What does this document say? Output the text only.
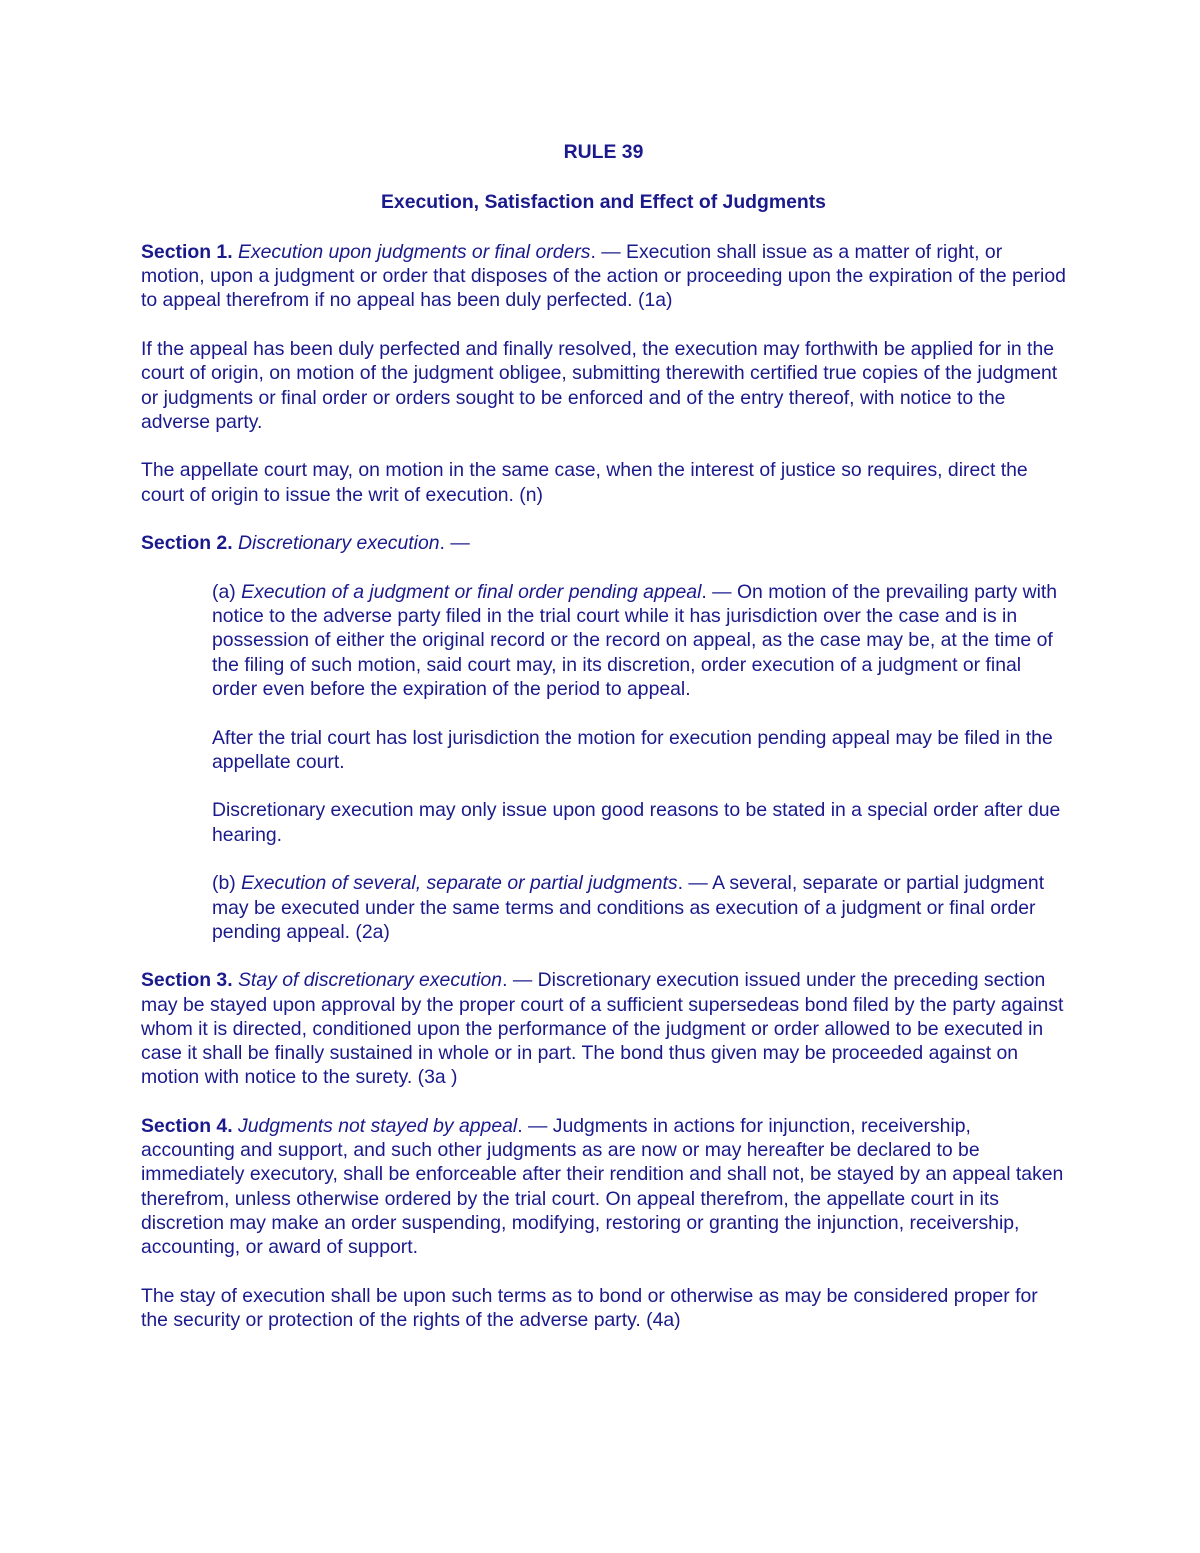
RULE 39

Execution, Satisfaction and Effect of Judgments

Section 1. Execution upon judgments or final orders. — Execution shall issue as a matter of right, or motion, upon a judgment or order that disposes of the action or proceeding upon the expiration of the period to appeal therefrom if no appeal has been duly perfected. (1a)

If the appeal has been duly perfected and finally resolved, the execution may forthwith be applied for in the court of origin, on motion of the judgment obligee, submitting therewith certified true copies of the judgment or judgments or final order or orders sought to be enforced and of the entry thereof, with notice to the adverse party.

The appellate court may, on motion in the same case, when the interest of justice so requires, direct the court of origin to issue the writ of execution. (n)

Section 2. Discretionary execution. —

(a) Execution of a judgment or final order pending appeal. — On motion of the prevailing party with notice to the adverse party filed in the trial court while it has jurisdiction over the case and is in possession of either the original record or the record on appeal, as the case may be, at the time of the filing of such motion, said court may, in its discretion, order execution of a judgment or final order even before the expiration of the period to appeal.

After the trial court has lost jurisdiction the motion for execution pending appeal may be filed in the appellate court.

Discretionary execution may only issue upon good reasons to be stated in a special order after due hearing.

(b) Execution of several, separate or partial judgments. — A several, separate or partial judgment may be executed under the same terms and conditions as execution of a judgment or final order pending appeal. (2a)

Section 3. Stay of discretionary execution. — Discretionary execution issued under the preceding section may be stayed upon approval by the proper court of a sufficient supersedeas bond filed by the party against whom it is directed, conditioned upon the performance of the judgment or order allowed to be executed in case it shall be finally sustained in whole or in part. The bond thus given may be proceeded against on motion with notice to the surety. (3a )

Section 4. Judgments not stayed by appeal. — Judgments in actions for injunction, receivership, accounting and support, and such other judgments as are now or may hereafter be declared to be immediately executory, shall be enforceable after their rendition and shall not, be stayed by an appeal taken therefrom, unless otherwise ordered by the trial court. On appeal therefrom, the appellate court in its discretion may make an order suspending, modifying, restoring or granting the injunction, receivership, accounting, or award of support.

The stay of execution shall be upon such terms as to bond or otherwise as may be considered proper for the security or protection of the rights of the adverse party. (4a)
